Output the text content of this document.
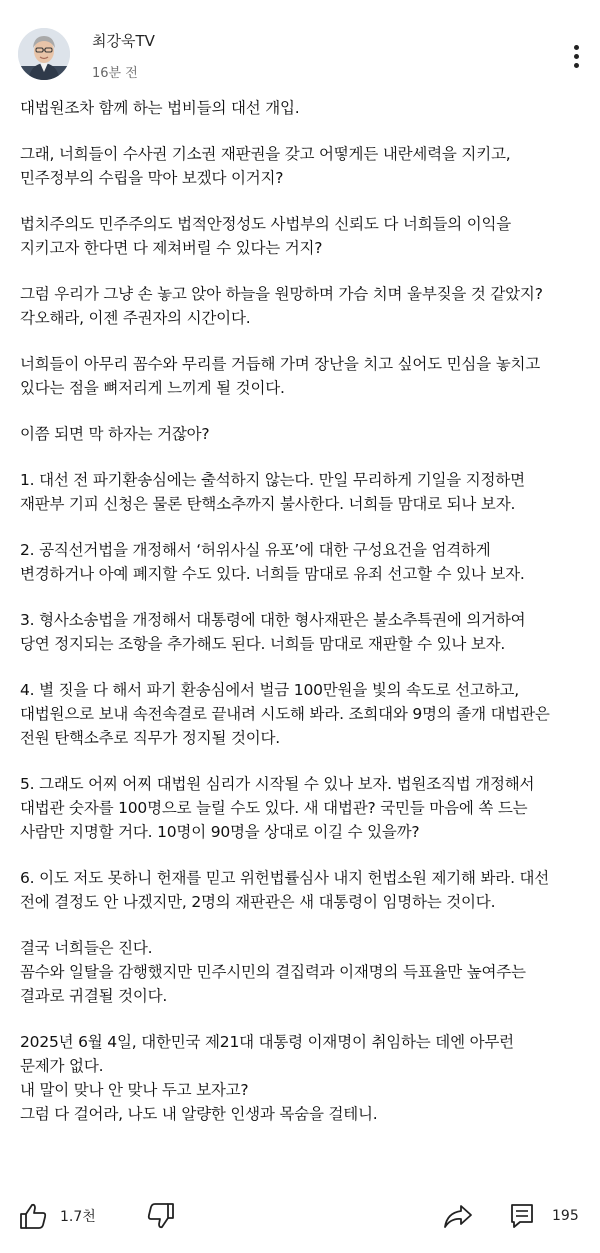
최강욱TV
16분 전

대법원조차 함께 하는 법비들의 대선 개입.

그래, 너희들이 수사권 기소권 재판권을 갖고 어떻게든 내란세력을 지키고,
민주정부의 수립을 막아 보겠다 이거지?

법치주의도 민주주의도 법적안정성도 사법부의 신뢰도 다 너희들의 이익을
지키고자 한다면 다 제쳐버릴 수 있다는 거지?

그럼 우리가 그냥 손 놓고 앉아 하늘을 원망하며 가슴 치며 울부짖을 것 같았지?
각오해라, 이젠 주권자의 시간이다.

너희들이 아무리 꼼수와 무리를 거듭해 가며 장난을 치고 싶어도 민심을 놓치고
있다는 점을 뼈저리게 느끼게 될 것이다.

이쯤 되면 막 하자는 거잖아?

1. 대선 전 파기환송심에는 출석하지 않는다. 만일 무리하게 기일을 지정하면
재판부 기피 신청은 물론 탄핵소추까지 불사한다. 너희들 맘대로 되나 보자.

2. 공직선거법을 개정해서 ‘허위사실 유포’에 대한 구성요건을 엄격하게
변경하거나 아예 폐지할 수도 있다. 너희들 맘대로 유죄 선고할 수 있나 보자.

3. 형사소송법을 개정해서 대통령에 대한 형사재판은 불소추특권에 의거하여
당연 정지되는 조항을 추가해도 된다. 너희들 맘대로 재판할 수 있나 보자.

4. 별 짓을 다 해서 파기 환송심에서 벌금 100만원을 빛의 속도로 선고하고,
대법원으로 보내 속전속결로 끝내려 시도해 봐라. 조희대와 9명의 졸개 대법관은
전원 탄핵소추로 직무가 정지될 것이다.

5. 그래도 어찌 어찌 대법원 심리가 시작될 수 있나 보자. 법원조직법 개정해서
대법관 숫자를 100명으로 늘릴 수도 있다. 새 대법관? 국민들 마음에 쏙 드는
사람만 지명할 거다. 10명이 90명을 상대로 이길 수 있을까?

6. 이도 저도 못하니 헌재를 믿고 위헌법률심사 내지 헌법소원 제기해 봐라. 대선
전에 결정도 안 나겠지만, 2명의 재판관은 새 대통령이 임명하는 것이다.

결국 너희들은 진다.
꼼수와 일탈을 감행했지만 민주시민의 결집력과 이재명의 득표율만 높여주는
결과로 귀결될 것이다.

2025년 6월 4일, 대한민국 제21대 대통령 이재명이 취임하는 데엔 아무런
문제가 없다.
내 말이 맞나 안 맞나 두고 보자고?
그럼 다 걸어라, 나도 내 알량한 인생과 목숨을 걸테니.

1.7천	195
